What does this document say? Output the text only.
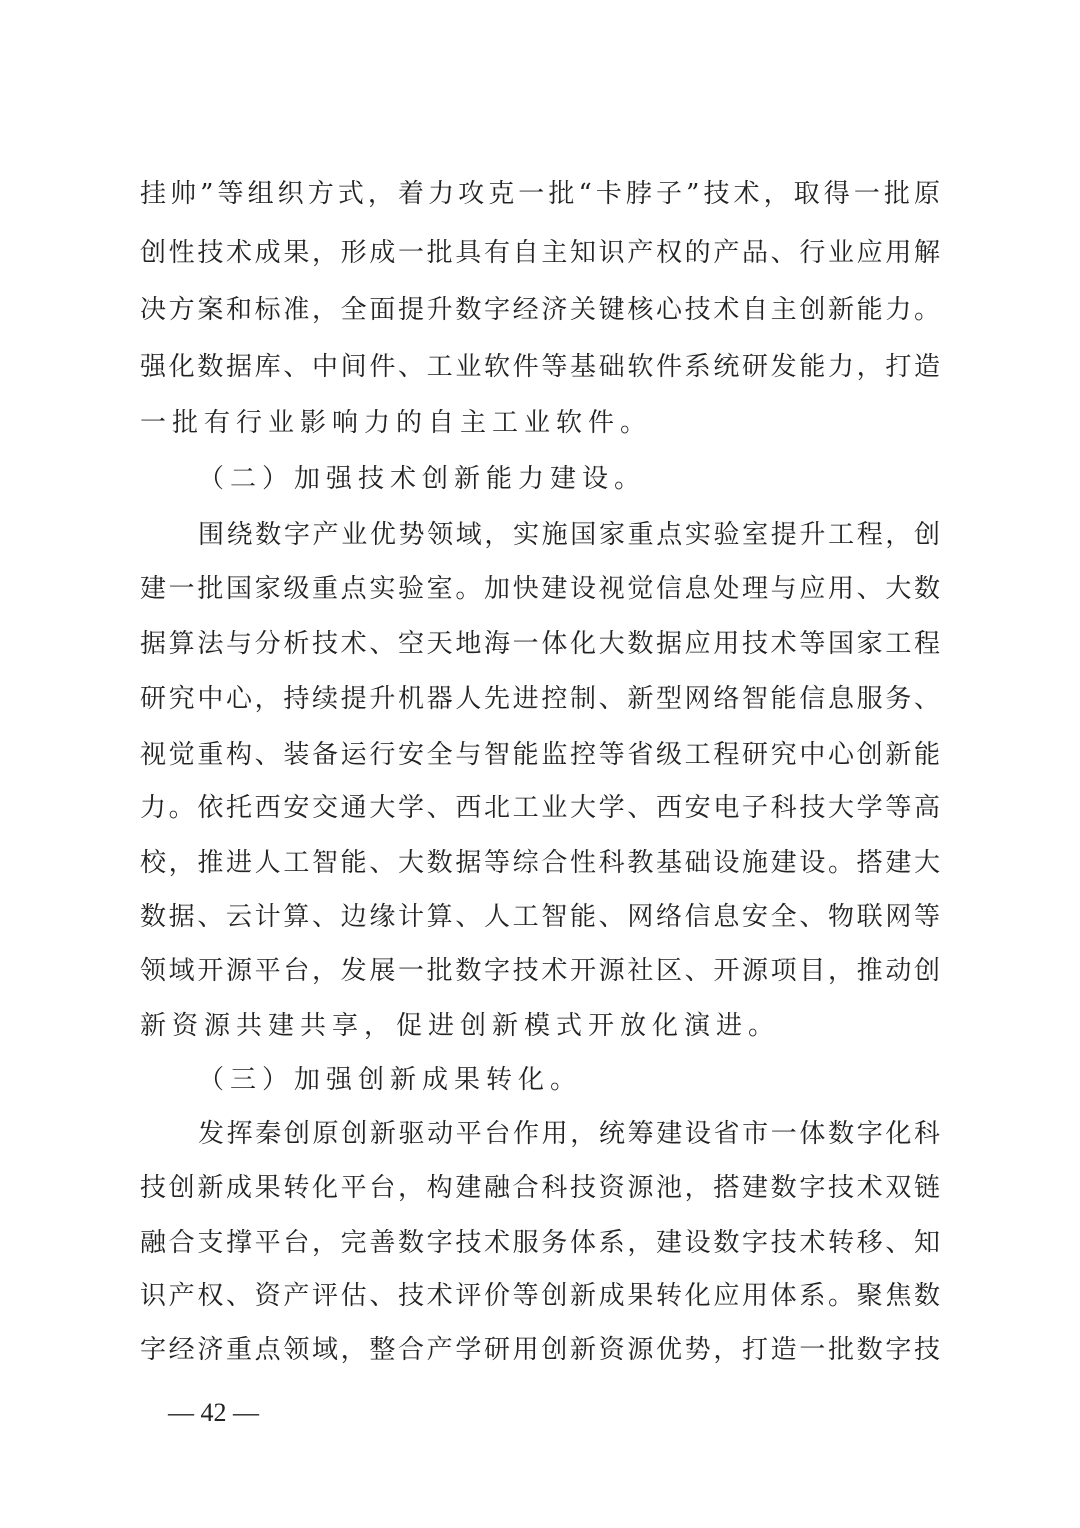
挂帅”等组织方式，着力攻克一批“卡脖子”技术，取得一批原
创性技术成果，形成一批具有自主知识产权的产品、行业应用解
决方案和标准，全面提升数字经济关键核心技术自主创新能力。
强化数据库、中间件、工业软件等基础软件系统研发能力，打造
一批有行业影响力的自主工业软件。
（二）加强技术创新能力建设。
围绕数字产业优势领域，实施国家重点实验室提升工程，创
建一批国家级重点实验室。加快建设视觉信息处理与应用、大数
据算法与分析技术、空天地海一体化大数据应用技术等国家工程
研究中心，持续提升机器人先进控制、新型网络智能信息服务、
视觉重构、装备运行安全与智能监控等省级工程研究中心创新能
力。依托西安交通大学、西北工业大学、西安电子科技大学等高
校，推进人工智能、大数据等综合性科教基础设施建设。搭建大
数据、云计算、边缘计算、人工智能、网络信息安全、物联网等
领域开源平台，发展一批数字技术开源社区、开源项目，推动创
新资源共建共享，促进创新模式开放化演进。
（三）加强创新成果转化。
发挥秦创原创新驱动平台作用，统筹建设省市一体数字化科
技创新成果转化平台，构建融合科技资源池，搭建数字技术双链
融合支撑平台，完善数字技术服务体系，建设数字技术转移、知
识产权、资产评估、技术评价等创新成果转化应用体系。聚焦数
字经济重点领域，整合产学研用创新资源优势，打造一批数字技
— 42 —
